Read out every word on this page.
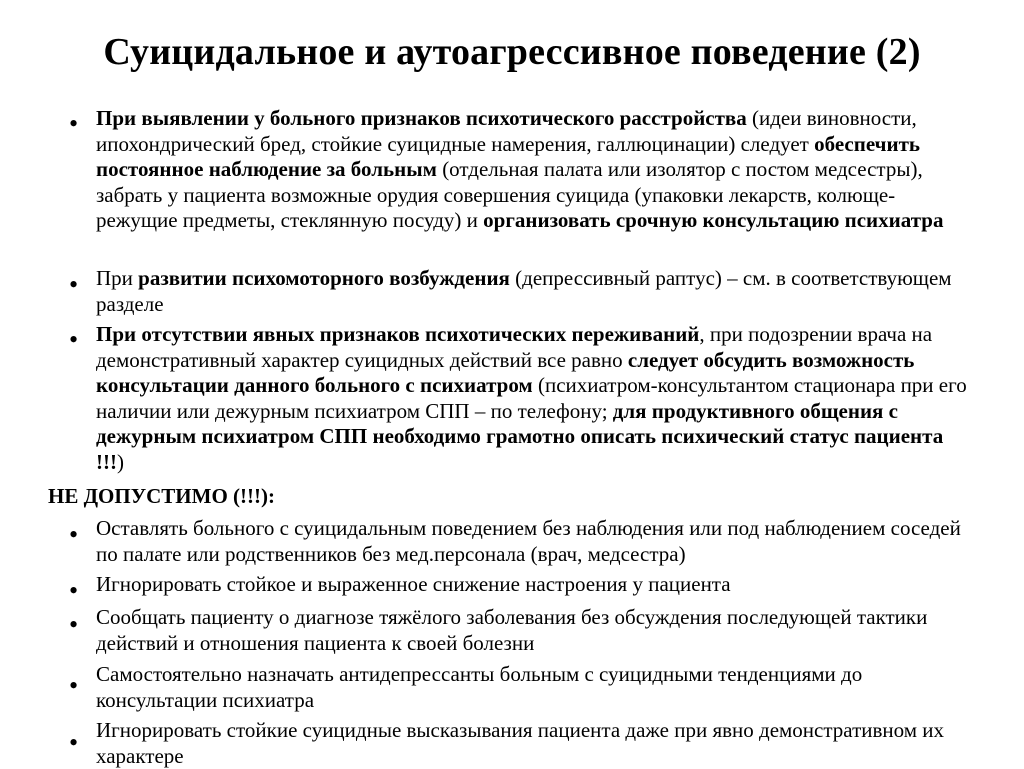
Суицидальное и аутоагрессивное поведение (2)
•
При выявлении у больного признаков психотического расстройства (идеи виновности, ипохондрический бред, стойкие суицидные намерения, галлюцинации) следует обеспечить постоянное наблюдение за больным (отдельная палата или изолятор с постом медсестры), забрать у пациента возможные орудия совершения суицида (упаковки лекарств, колюще-режущие предметы, стеклянную посуду) и организовать срочную консультацию психиатра
•
При развитии психомоторного возбуждения (депрессивный раптус) – см. в соответствующем разделе
•
При отсутствии явных признаков психотических переживаний, при подозрении врача на демонстративный характер суицидных действий все равно следует обсудить возможность консультации данного больного с психиатром (психиатром-консультантом стационара при его наличии или дежурным психиатром СПП – по телефону; для продуктивного общения с дежурным психиатром СПП необходимо грамотно описать психический статус пациента !!!)
НЕ ДОПУСТИМО (!!!):
•
Оставлять больного с суицидальным поведением без наблюдения или под наблюдением соседей по палате или родственников без мед.персонала (врач, медсестра)
•
Игнорировать стойкое и выраженное снижение настроения у пациента
•
Сообщать пациенту о диагнозе тяжёлого заболевания без обсуждения последующей тактики действий и отношения пациента к своей болезни
•
Самостоятельно назначать антидепрессанты больным с суицидными тенденциями до консультации психиатра
•
Игнорировать стойкие суицидные высказывания пациента даже при явно демонстративном их характере
